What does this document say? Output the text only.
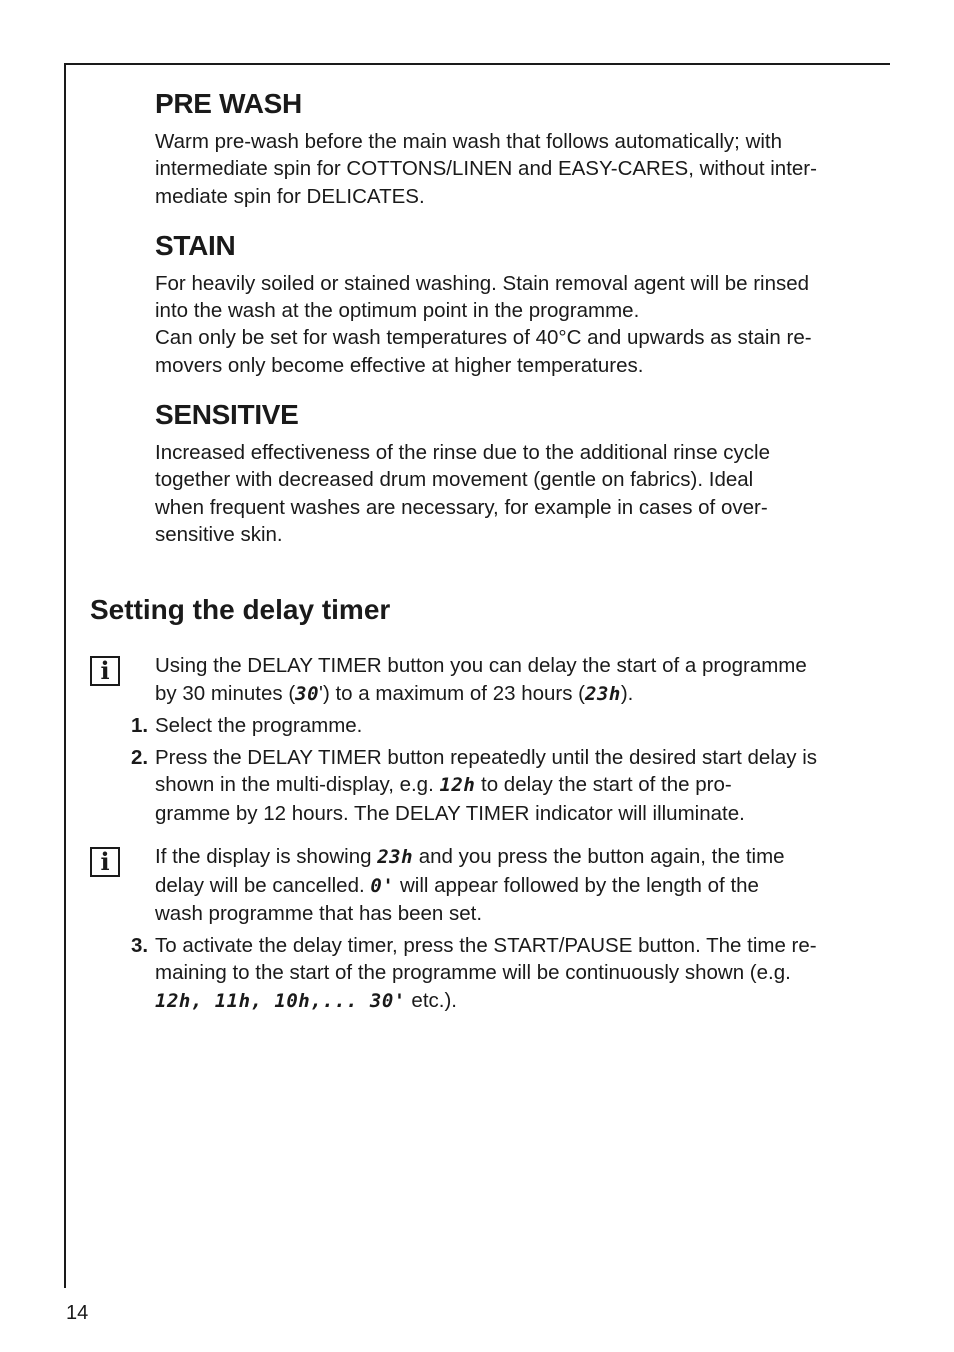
PRE WASH

Warm pre-wash before the main wash that follows automatically; with
intermediate spin for COTTONS/LINEN and EASY-CARES, without inter-
mediate spin for DELICATES.

STAIN

For heavily soiled or stained washing. Stain removal agent will be rinsed
into the wash at the optimum point in the programme.
Can only be set for wash temperatures of 40°C and upwards as stain re-
movers only become effective at higher temperatures.

SENSITIVE

Increased effectiveness of the rinse due to the additional rinse cycle
together with decreased drum movement (gentle on fabrics). Ideal
when frequent washes are necessary, for example in cases of over-
sensitive skin.

Setting the delay timer
i	Using the DELAY TIMER button you can delay the start of a programme
by 30 minutes (30') to a maximum of 23 hours (23h).
1. Select the programme.
2. Press the DELAY TIMER button repeatedly until the desired start delay is
shown in the multi-display, e.g. 12h to delay the start of the pro-
gramme by 12 hours. The DELAY TIMER indicator will illuminate.
i	If the display is showing 23h and you press the button again, the time
delay will be cancelled. 0' will appear followed by the length of the
wash programme that has been set.
3. To activate the delay timer, press the START/PAUSE button. The time re-
maining to the start of the programme will be continuously shown (e.g.
12h, 11h, 10h,... 30' etc.).
14
